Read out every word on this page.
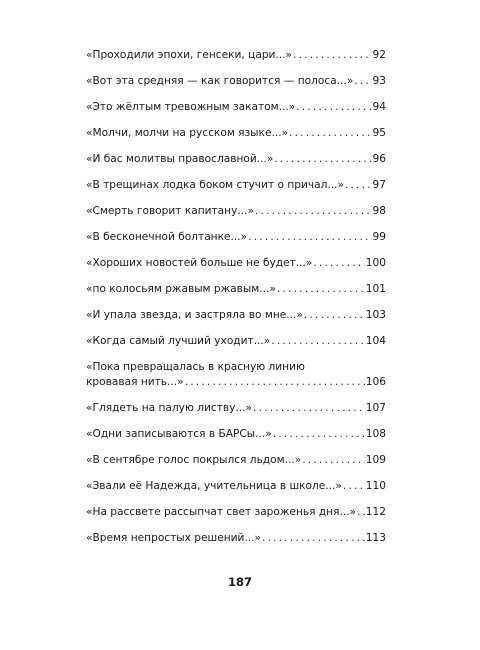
«Проходили эпохи, генсеки, цари...» .....	92
«Вот эта средняя — как говорится — полоса...» ..... 93
«Это жёлтым тревожным закатом...» .....	94
«Молчи, молчи на русском языке...» .....	95
«И бас молитвы православной...» .....	96
«В трещинах лодка боком стучит о причал...» .....	97
«Смерть говорит капитану...» .....	98
«В бесконечной болтанке...» .....	99
«Хороших новостей больше не будет...» .....	100
«по колосьям ржавым ржавым...» .....	101
«И упала звезда, и застряла во мне...» .....	103
«Когда самый лучший уходит...» .....	104
«Пока превращалась в красную линию
кровавая нить...» .....	106
«Глядеть на палую листву...» .....	107
«Одни записываются в БАРСы...» .....	108
«В сентябре голос покрылся льдом...» .....	109
«Звали её Надежда, учительница в школе...» ..... 110
«На рассвете рассыпчат свет зароженья дня...» ..... 112
«Время непростых решений...» .....	113
187
